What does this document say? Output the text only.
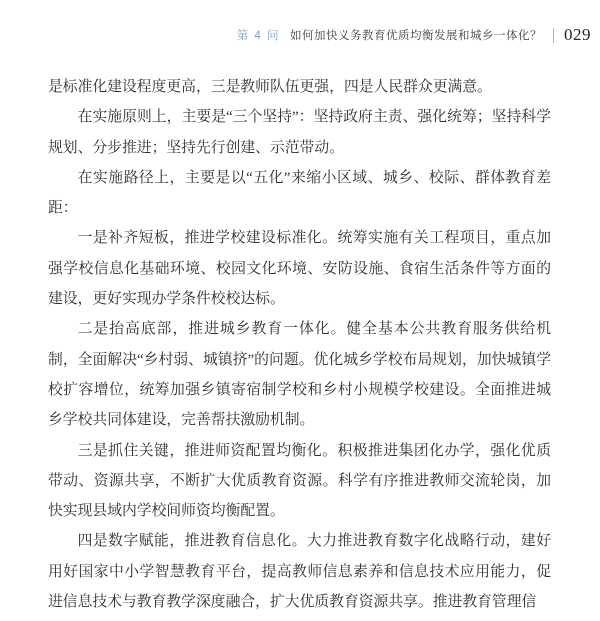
第 4 问 如何加快义务教育优质均衡发展和城乡一体化？ 029

是标准化建设程度更高，三是教师队伍更强，四是人民群众更满意。

在实施原则上，主要是“三个坚持”：坚持政府主责、强化统筹；坚持科学规划、分步推进；坚持先行创建、示范带动。

在实施路径上，主要是以“五化”来缩小区域、城乡、校际、群体教育差距：

一是补齐短板，推进学校建设标准化。统筹实施有关工程项目，重点加强学校信息化基础环境、校园文化环境、安防设施、食宿生活条件等方面的建设，更好实现办学条件校校达标。

二是抬高底部，推进城乡教育一体化。健全基本公共教育服务供给机制，全面解决“乡村弱、城镇挤”的问题。优化城乡学校布局规划，加快城镇学校扩容增位，统筹加强乡镇寄宿制学校和乡村小规模学校建设。全面推进城乡学校共同体建设，完善帮扶激励机制。

三是抓住关键，推进师资配置均衡化。积极推进集团化办学，强化优质带动、资源共享，不断扩大优质教育资源。科学有序推进教师交流轮岗，加快实现县域内学校间师资均衡配置。

四是数字赋能，推进教育信息化。大力推进教育数字化战略行动，建好用好国家中小学智慧教育平台，提高教师信息素养和信息技术应用能力，促进信息技术与教育教学深度融合，扩大优质教育资源共享。推进教育管理信
